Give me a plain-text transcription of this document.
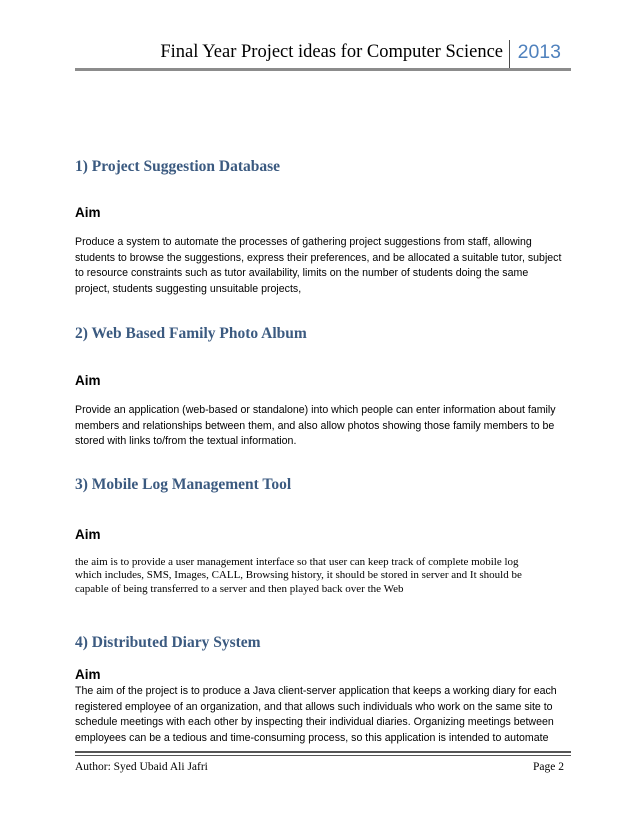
Final Year Project ideas for Computer Science 2013
1) Project Suggestion Database
Aim
Produce a system to automate the processes of gathering project suggestions from staff, allowing
students to browse the suggestions, express their preferences, and be allocated a suitable tutor, subject
to resource constraints such as tutor availability, limits on the number of students doing the same
project, students suggesting unsuitable projects,
2) Web Based Family Photo Album
Aim
Provide an application (web-based or standalone) into which people can enter information about family
members and relationships between them, and also allow photos showing those family members to be
stored with links to/from the textual information.
3) Mobile Log Management Tool
Aim
the aim is to provide a user management interface so that user can keep track of complete mobile log
which includes, SMS, Images, CALL, Browsing history, it should be stored in server and It should be
capable of being transferred to a server and then played back over the Web
4) Distributed Diary System
Aim
The aim of the project is to produce a Java client-server application that keeps a working diary for each
registered employee of an organization, and that allows such individuals who work on the same site to
schedule meetings with each other by inspecting their individual diaries. Organizing meetings between
employees can be a tedious and time-consuming process, so this application is intended to automate
Author: Syed Ubaid Ali Jafri	Page 2
